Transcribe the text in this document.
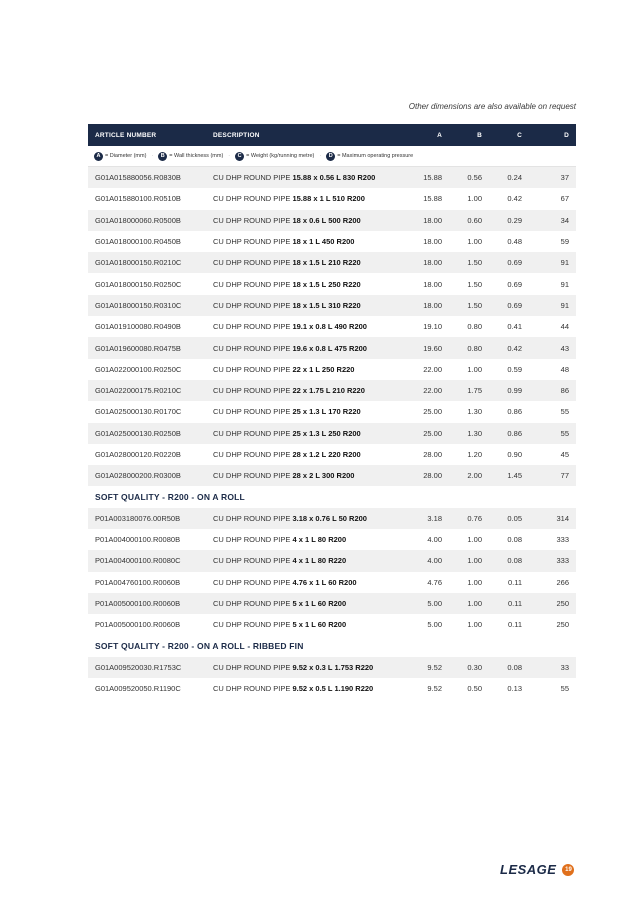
Other dimensions are also available on request
ARTICLE NUMBER	DESCRIPTION	A	B	C	D
A = Diameter (mm) ·	B = Wall thickness (mm) ·	C = Weight (kg/running metre) ·	D = Maximum operating pressure
G01A015880056.R0830B	CU DHP ROUND PIPE 15.88 x 0.56 L 830 R200	15.88	0.56	0.24	37
G01A015880100.R0510B	CU DHP ROUND PIPE 15.88 x 1 L 510 R200	15.88	1.00	0.42	67
G01A018000060.R0500B	CU DHP ROUND PIPE 18 x 0.6 L 500 R200	18.00	0.60	0.29	34
G01A018000100.R0450B	CU DHP ROUND PIPE 18 x 1 L 450 R200	18.00	1.00	0.48	59
G01A018000150.R0210C	CU DHP ROUND PIPE 18 x 1.5 L 210 R220	18.00	1.50	0.69	91
G01A018000150.R0250C	CU DHP ROUND PIPE 18 x 1.5 L 250 R220	18.00	1.50	0.69	91
G01A018000150.R0310C	CU DHP ROUND PIPE 18 x 1.5 L 310 R220	18.00	1.50	0.69	91
G01A019100080.R0490B	CU DHP ROUND PIPE 19.1 x 0.8 L 490 R200	19.10	0.80	0.41	44
G01A019600080.R0475B	CU DHP ROUND PIPE 19.6 x 0.8 L 475 R200	19.60	0.80	0.42	43
G01A022000100.R0250C	CU DHP ROUND PIPE 22 x 1 L 250 R220	22.00	1.00	0.59	48
G01A022000175.R0210C	CU DHP ROUND PIPE 22 x 1.75 L 210 R220	22.00	1.75	0.99	86
G01A025000130.R0170C	CU DHP ROUND PIPE 25 x 1.3 L 170 R220	25.00	1.30	0.86	55
G01A025000130.R0250B	CU DHP ROUND PIPE 25 x 1.3 L 250 R200	25.00	1.30	0.86	55
G01A028000120.R0220B	CU DHP ROUND PIPE 28 x 1.2 L 220 R200	28.00	1.20	0.90	45
G01A028000200.R0300B	CU DHP ROUND PIPE 28 x 2 L 300 R200	28.00	2.00	1.45	77
SOFT QUALITY - R200 - ON A ROLL
P01A003180076.00R50B	CU DHP ROUND PIPE 3.18 x 0.76 L 50 R200	3.18	0.76	0.05	314
P01A004000100.R0080B	CU DHP ROUND PIPE 4 x 1 L 80 R200	4.00	1.00	0.08	333
P01A004000100.R0080C	CU DHP ROUND PIPE 4 x 1 L 80 R220	4.00	1.00	0.08	333
P01A004760100.R0060B	CU DHP ROUND PIPE 4.76 x 1 L 60 R200	4.76	1.00	0.11	266
P01A005000100.R0060B	CU DHP ROUND PIPE 5 x 1 L 60 R200	5.00	1.00	0.11	250
P01A005000100.R0060B	CU DHP ROUND PIPE 5 x 1 L 60 R200	5.00	1.00	0.11	250
SOFT QUALITY - R200 - ON A ROLL - RIBBED FIN
G01A009520030.R1753C	CU DHP ROUND PIPE 9.52 x 0.3 L 1.753 R220	9.52	0.30	0.08	33
G01A009520050.R1190C	CU DHP ROUND PIPE 9.52 x 0.5 L 1.190 R220	9.52	0.50	0.13	55
LESAGE	19
